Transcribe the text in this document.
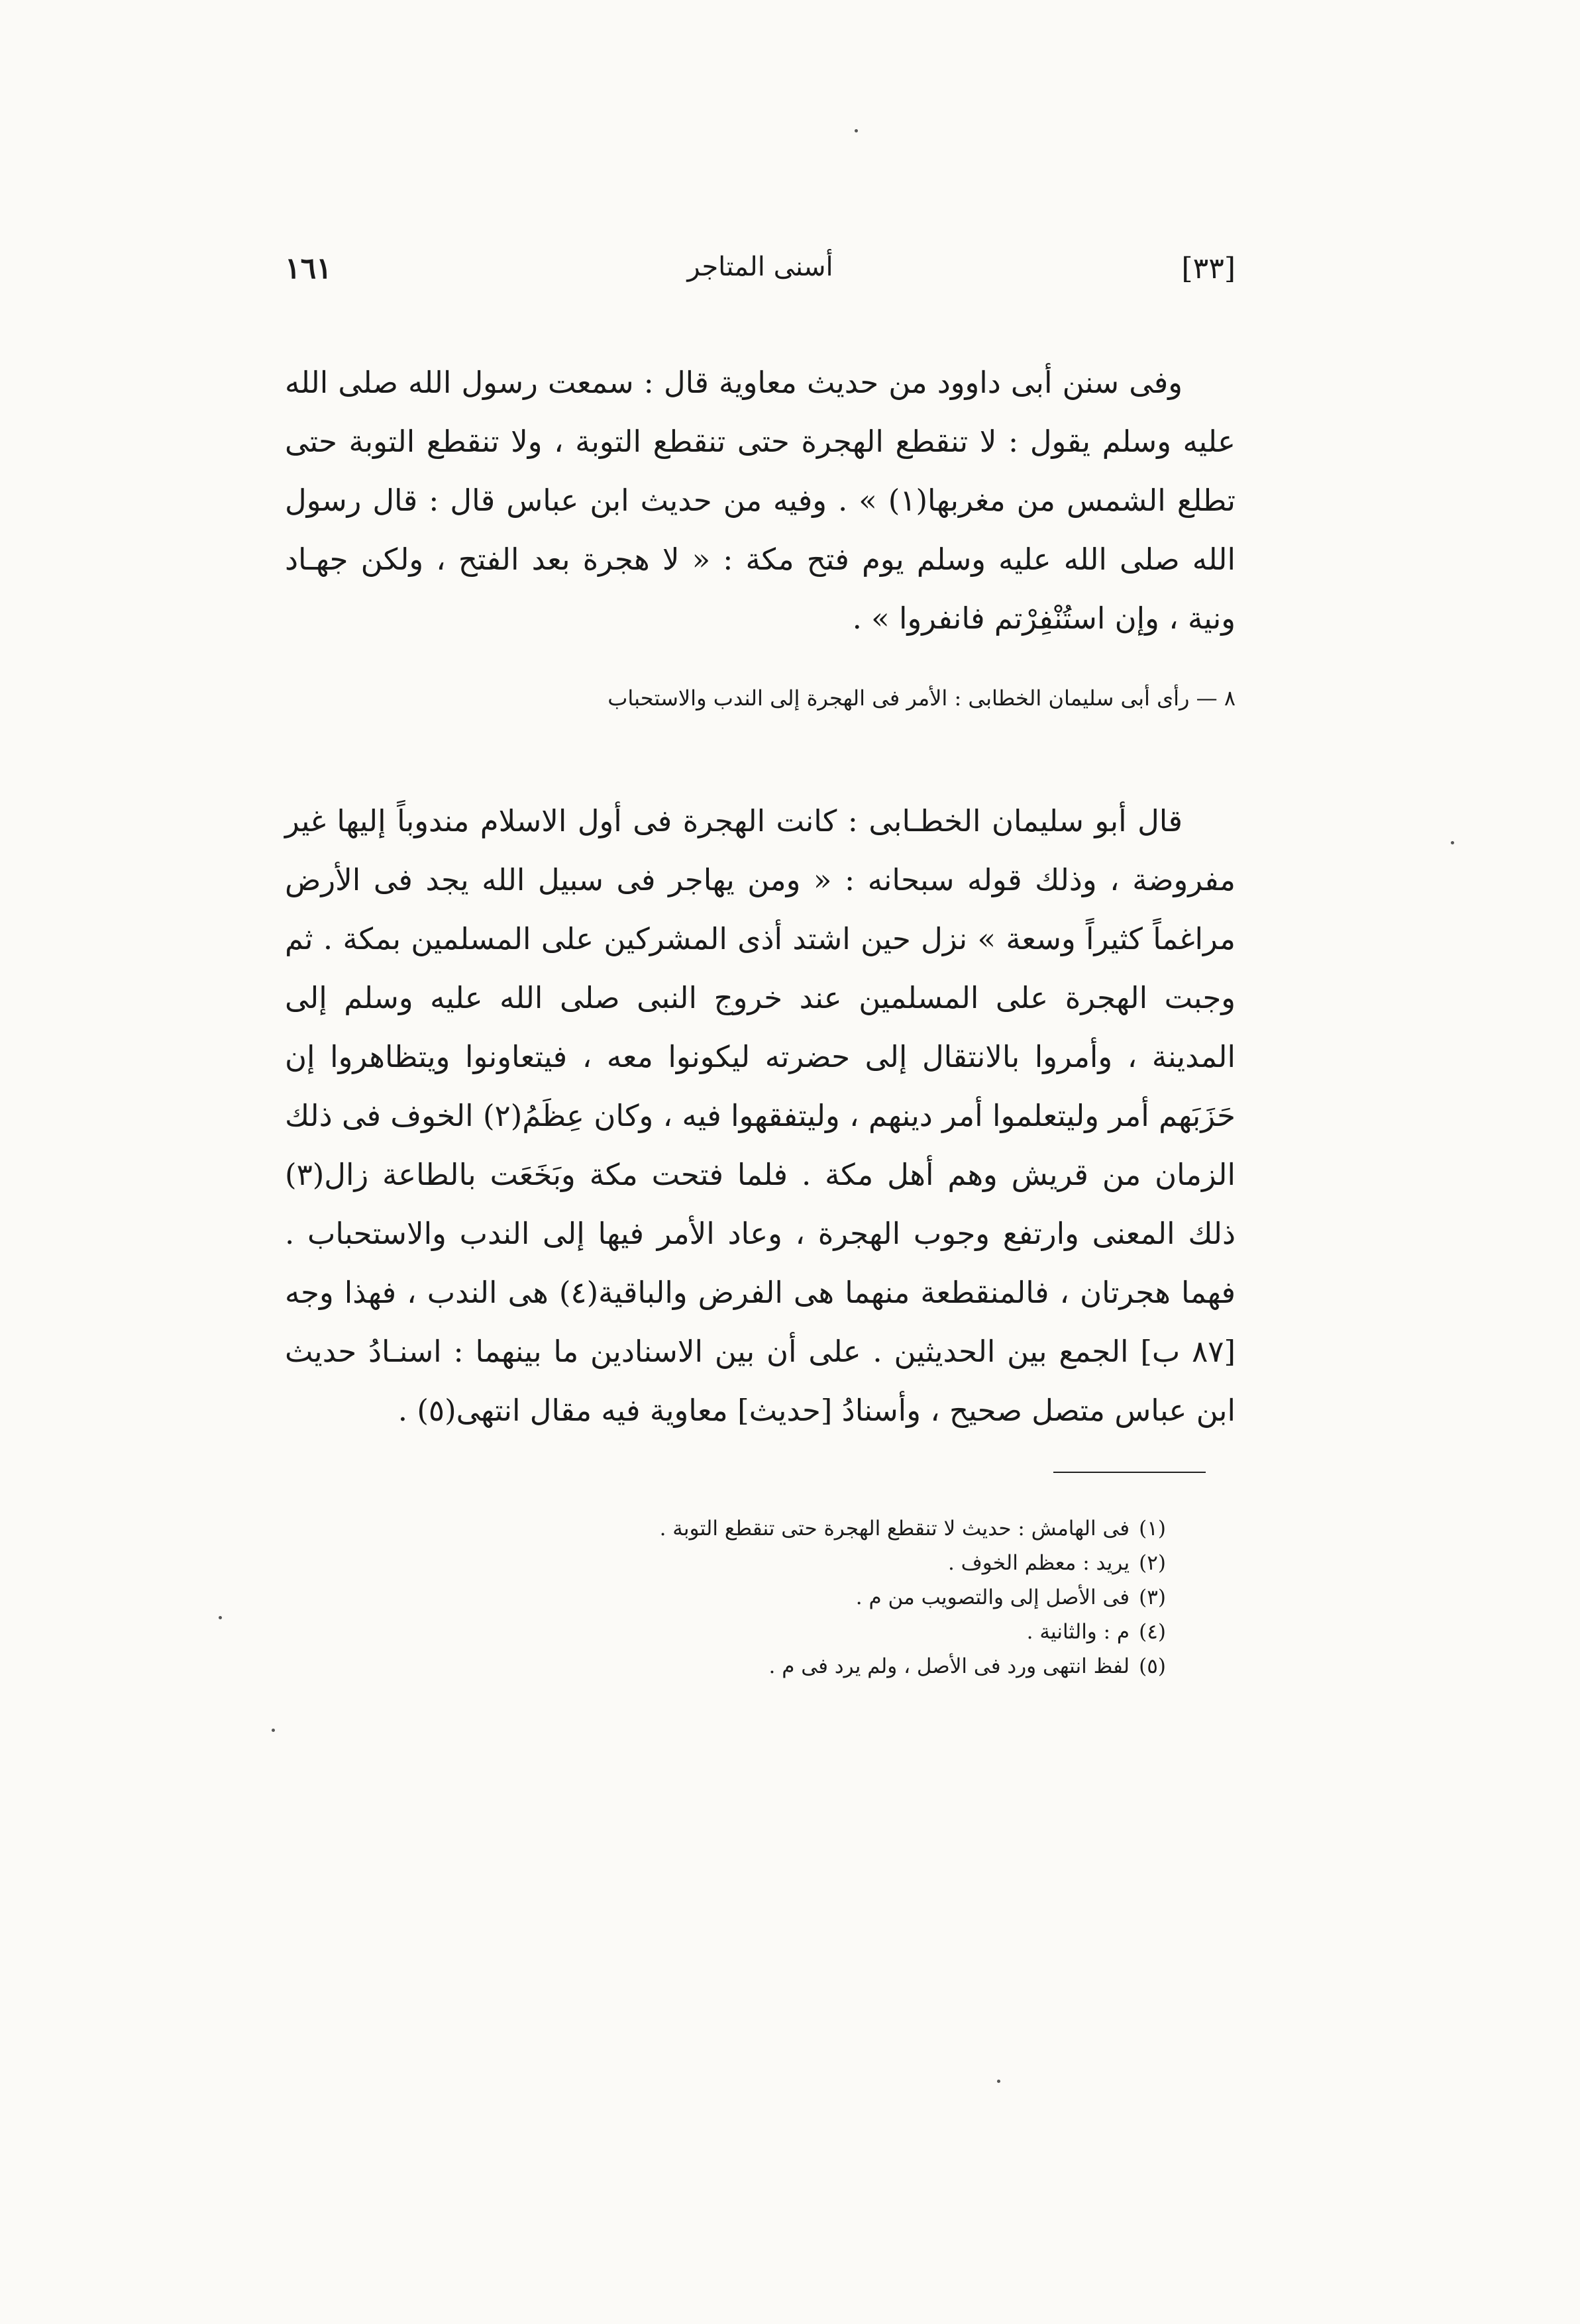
[٣٣]
أسنى المتاجر
١٦١

وفى سنن أبى داوود من حديث معاوية قال : سمعت رسول الله صلى الله عليه وسلم يقول : لا تنقطع الهجرة حتى تنقطع التوبة ، ولا تنقطع التوبة حتى تطلع الشمس من مغربها(١) » . وفيه من حديث ابن عباس قال : قال رسول الله صلى الله عليه وسلم يوم فتح مكة : « لا هجرة بعد الفتح ، ولكن جهـاد ونية ، وإن استُنْفِرْتم فانفروا » .

٨ — رأى أبى سليمان الخطابى : الأمر فى الهجرة إلى الندب والاستحباب

قال أبو سليمان الخطـابى : كانت الهجرة فى أول الاسلام مندوباً إليها غير مفروضة ، وذلك قوله سبحانه : « ومن يهاجر فى سبيل الله يجد فى الأرض مراغماً كثيراً وسعة » نزل حين اشتد أذى المشركين على المسلمين بمكة . ثم وجبت الهجرة على المسلمين عند خروج النبى صلى الله عليه وسلم إلى المدينة ، وأمروا بالانتقال إلى حضرته ليكونوا معه ، فيتعاونوا ويتظاهروا إن حَزَبَهم أمر وليتعلموا أمر دينهم ، وليتفقهوا فيه ، وكان عِظَمُ(٢) الخوف فى ذلك الزمان من قريش وهم أهل مكة . فلما فتحت مكة وبَخَعَت بالطاعة زال(٣) ذلك المعنى وارتفع وجوب الهجرة ، وعاد الأمر فيها إلى الندب والاستحباب . فهما هجرتان ، فالمنقطعة منهما هى الفرض والباقية(٤) هى الندب ، فهذا وجه [٨٧ ب] الجمع بين الحديثين . على أن بين الاسنادين ما بينهما : اسنـادُ حديث ابن عباس متصل صحيح ، وأسنادُ [حديث] معاوية فيه مقال انتهى(٥) .

(١)فى الهامش : حديث لا تنقطع الهجرة حتى تنقطع التوبة .
(٢)يريد : معظم الخوف .
(٣)فى الأصل إلى والتصويب من م .
(٤)م : والثانية .
(٥)لفظ انتهى ورد فى الأصل ، ولم يرد فى م .
